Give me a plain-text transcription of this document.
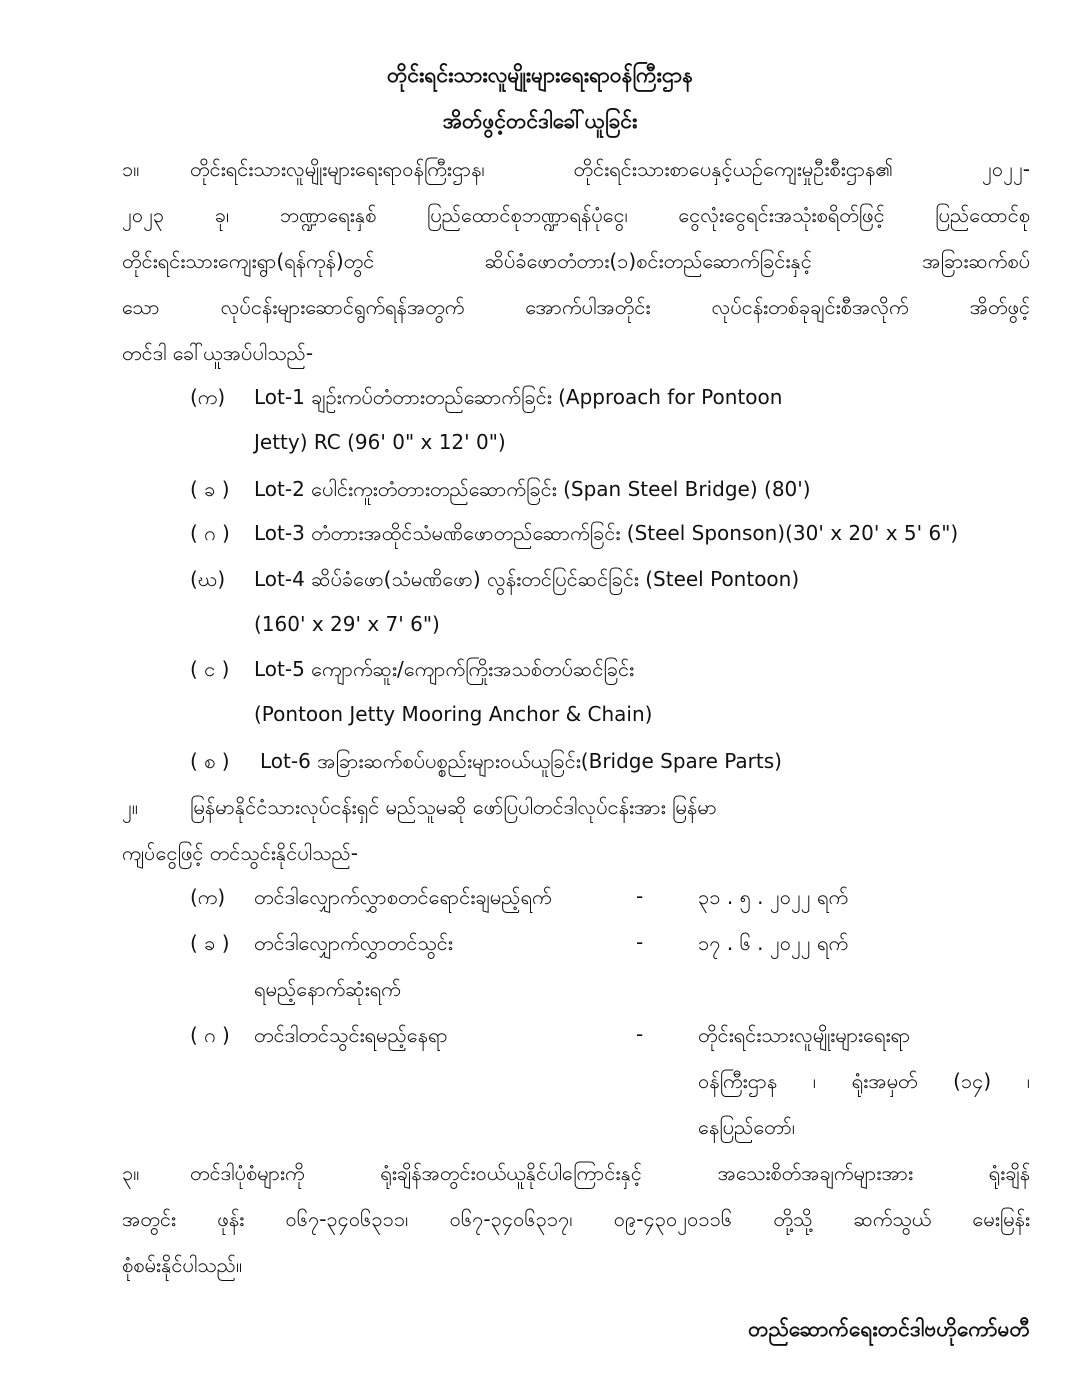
တိုင်းရင်းသားလူမျိုးများရေးရာဝန်ကြီးဌာန
အိတ်ဖွင့်တင်ဒါခေါ်ယူခြင်း
၁။	တိုင်းရင်းသားလူမျိုးများရေးရာဝန်ကြီးဌာန၊ တိုင်းရင်းသားစာပေနှင့်ယဉ်ကျေးမှုဦးစီးဌာန၏ ၂၀၂၂-
၂၀၂၃ ခု၊ ဘဏ္ဍာရေးနှစ် ပြည်ထောင်စုဘဏ္ဍာရန်ပုံငွေ၊ ငွေလုံးငွေရင်းအသုံးစရိတ်ဖြင့် ပြည်ထောင်စု
တိုင်းရင်းသားကျေးရွာ(ရန်ကုန်)တွင် ဆိပ်ခံဖောတံတား(၁)စင်းတည်ဆောက်ခြင်းနှင့် အခြားဆက်စပ်
သော လုပ်ငန်းများဆောင်ရွက်ရန်အတွက် အောက်ပါအတိုင်း လုပ်ငန်းတစ်ခုချင်းစီအလိုက် အိတ်ဖွင့်
တင်ဒါ ခေါ်ယူအပ်ပါသည်-
(က) Lot-1 ချဉ်းကပ်တံတားတည်ဆောက်ခြင်း (Approach for Pontoon
Jetty) RC (96' 0" x 12' 0")
( ခ ) Lot-2 ပေါင်းကူးတံတားတည်ဆောက်ခြင်း (Span Steel Bridge) (80')
( ဂ ) Lot-3 တံတားအထိုင်သံမဏိဖောတည်ဆောက်ခြင်း (Steel Sponson)(30' x 20' x 5' 6")
(ဃ) Lot-4 ဆိပ်ခံဖော(သံမဏိဖော) လွန်းတင်ပြင်ဆင်ခြင်း (Steel Pontoon)
(160' x 29' x 7' 6")
( င ) Lot-5 ကျောက်ဆူး/ကျောက်ကြိုးအသစ်တပ်ဆင်ခြင်း
(Pontoon Jetty Mooring Anchor & Chain)
( စ ) Lot-6 အခြားဆက်စပ်ပစ္စည်းများဝယ်ယူခြင်း(Bridge Spare Parts)
၂။	မြန်မာနိုင်ငံသားလုပ်ငန်းရှင် မည်သူမဆို ဖော်ပြပါတင်ဒါလုပ်ငန်းအား မြန်မာ
ကျပ်ငွေဖြင့် တင်သွင်းနိုင်ပါသည်-
(က) တင်ဒါလျှောက်လွှာစတင်ရောင်းချမည့်ရက်	-	၃၁ . ၅ . ၂၀၂၂ ရက်
( ခ ) တင်ဒါလျှောက်လွှာတင်သွင်း	-	၁၇ . ၆ . ၂၀၂၂ ရက်
ရမည့်နောက်ဆုံးရက်
( ဂ ) တင်ဒါတင်သွင်းရမည့်နေရာ	-	တိုင်းရင်းသားလူမျိုးများရေးရာ
ဝန်ကြီးဌာန ၊ ရုံးအမှတ် (၁၄) ၊
နေပြည်တော်၊
၃။	တင်ဒါပုံစံများကို ရုံးချိန်အတွင်းဝယ်ယူနိုင်ပါကြောင်းနှင့် အသေးစိတ်အချက်များအား ရုံးချိန်
အတွင်း ဖုန်း ၀၆၇-၃၄၀၆၃၁၁၊ ၀၆၇-၃၄၀၆၃၁၇၊ ၀၉-၄၃၀၂၀၁၁၆ တို့သို့ ဆက်သွယ် မေးမြန်း
စုံစမ်းနိုင်ပါသည်။
တည်ဆောက်ရေးတင်ဒါဗဟိုကော်မတီ
